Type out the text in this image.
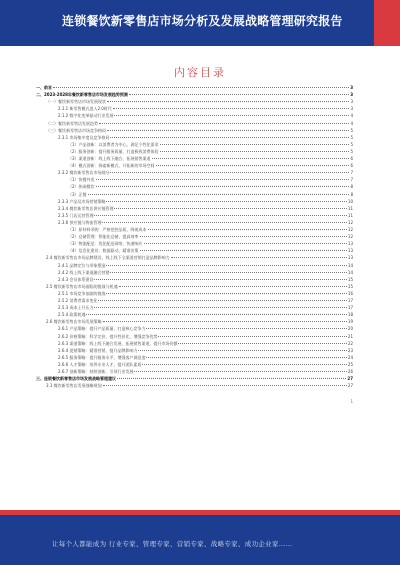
连锁餐饮新零售店市场分析及发展战略管理研究报告
内容目录
一、前言	3
二、2023-2028年餐饮新零售店市场发展趋势预测	3
（一）餐饮新零售店市场发展现状	3
2.1.1 新零售模式进入2.0时代	3
2.1.2 数字化变革驱动行业发展	4
（二）餐饮新零售店发展趋势	4
（三）餐饮新零售店市场竞争格局	5
2.3.1 市场集中度及竞争格局	5
（1）产品创新：以消费者为中心，满足个性化需求	5
（2）服务创新：提升服务质量，打造极致消费体验	5
（3）渠道创新：线上线下融合，拓展销售渠道	6
（4）模式创新：探索新模式，开拓新的市场空间	6
2.3.2 餐饮新零售店市场细分	7
（1）快餐外卖	7
（2）休闲餐饮	8
（3）正餐	8
2.3.3 产品及市场营销策略	10
2.3.4 餐饮新零售店供应链管理	11
2.3.5 门店运营管理	11
2.3.6 供应链与物流管理	12
（1）原材料采购：严格把控品质，降低成本	12
（2）仓储管理：智能化仓储，提高效率	12
（3）物流配送：优化配送网络，快速响应	13
（4）信息化建设：数据驱动，精准决策	13
2.4 餐饮新零售店市场品牌建设，线上线下全渠道营销打造品牌影响力	13
2.4.1 品牌定位与形象塑造	14
2.4.2 线上线下渠道融合营销	14
2.4.3 会员体系建设	15
2.5 餐饮新零售店市场面临的挑战与机遇	15
2.5.1 市场竞争加剧的挑战	16
2.5.2 消费者需求变化	17
2.5.3 成本上升压力	17
2.5.4 政策机遇	18
2.6 餐饮新零售店市场发展策略	19
2.6.1 产品策略：提升产品质量，打造核心竞争力	20
2.6.2 价格策略：科学定价，提升性价比，增强竞争优势	21
2.6.3 渠道策略：线上线下融合发展，拓展销售渠道，提升市场份额	22
2.6.4 促销策略：精准营销，提升品牌影响力	23
2.6.5 服务策略：提升服务水平，增强客户满意度	24
2.6.6 人才策略：培养专业人才，提升团队素质	25
2.6.7 创新策略：持续创新，引领行业发展	26
三、连锁餐饮新零售店市场发展战略管理建议	27
3.1 餐饮新零售店发展战略规划	27
1
让每个人都能成为 行业专家、管理专家、营销专家、战略专家、成功企业家……
